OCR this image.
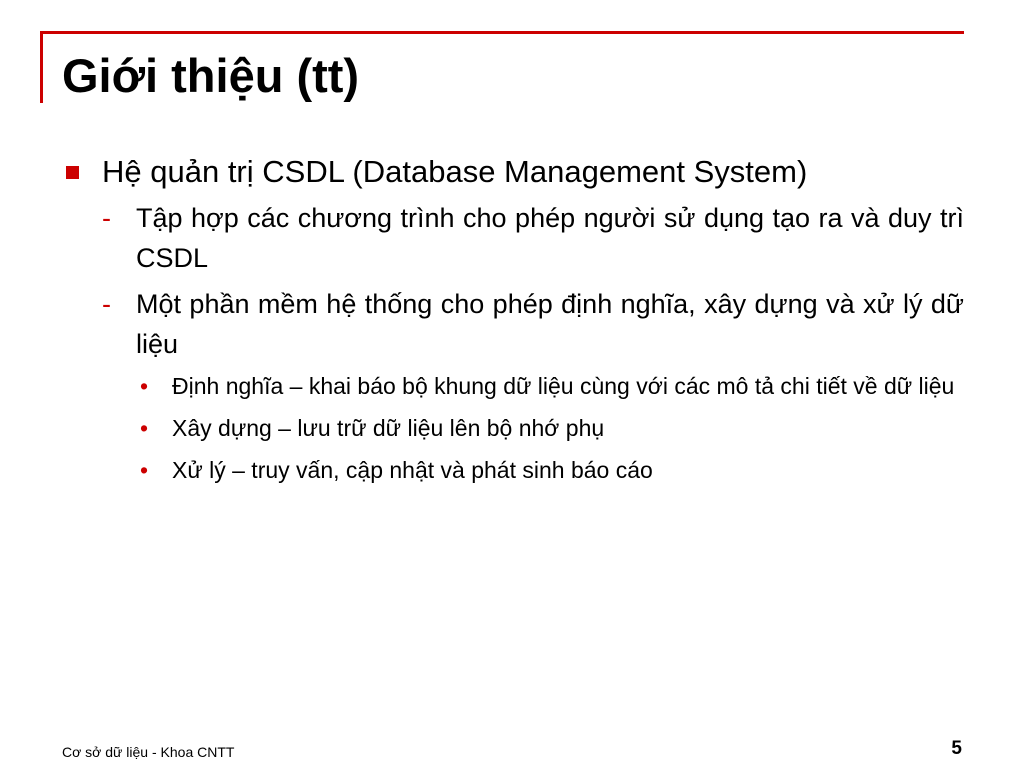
Giới thiệu (tt)
Hệ quản trị CSDL (Database Management System)
- Tập hợp các chương trình cho phép người sử dụng tạo ra và duy trì CSDL
- Một phần mềm hệ thống cho phép định nghĩa, xây dựng và xử lý dữ liệu
• Định nghĩa – khai báo bộ khung dữ liệu cùng với các mô tả chi tiết về dữ liệu
• Xây dựng – lưu trữ dữ liệu lên bộ nhớ phụ
• Xử lý – truy vấn, cập nhật và phát sinh báo cáo
Cơ sở dữ liệu - Khoa CNTT	5
